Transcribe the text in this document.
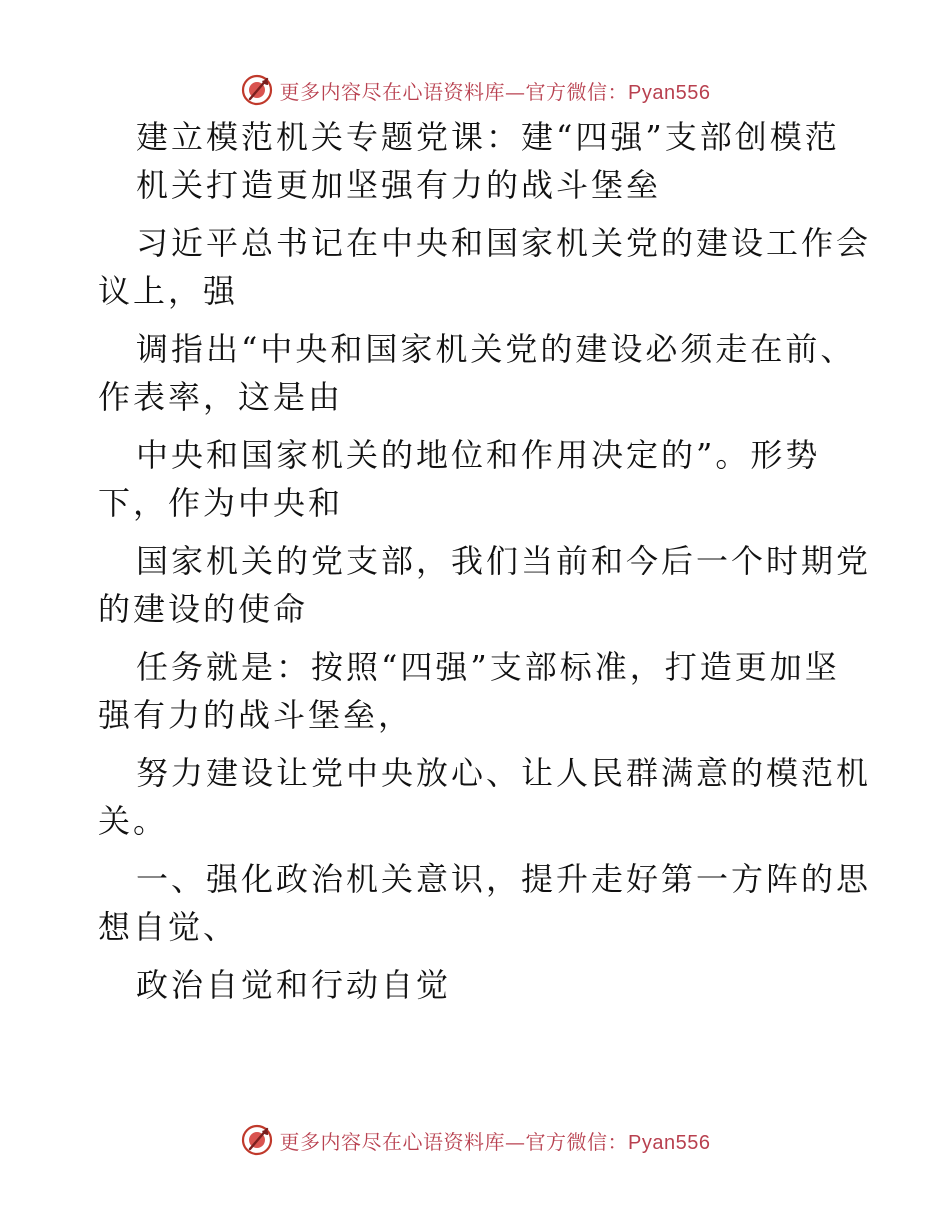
更多内容尽在心语资料库—官方微信：Pyan556
建立模范机关专题党课：建“四强”支部创模范
机关打造更加坚强有力的战斗堡垒
习近平总书记在中央和国家机关党的建设工作会
议上，强
调指出“中央和国家机关党的建设必须走在前、
作表率，这是由
中央和国家机关的地位和作用决定的”。形势
下，作为中央和
国家机关的党支部，我们当前和今后一个时期党
的建设的使命
任务就是：按照“四强”支部标准，打造更加坚
强有力的战斗堡垒，
努力建设让党中央放心、让人民群满意的模范机
关。
一、强化政治机关意识，提升走好第一方阵的思
想自觉、
政治自觉和行动自觉
更多内容尽在心语资料库—官方微信：Pyan556
